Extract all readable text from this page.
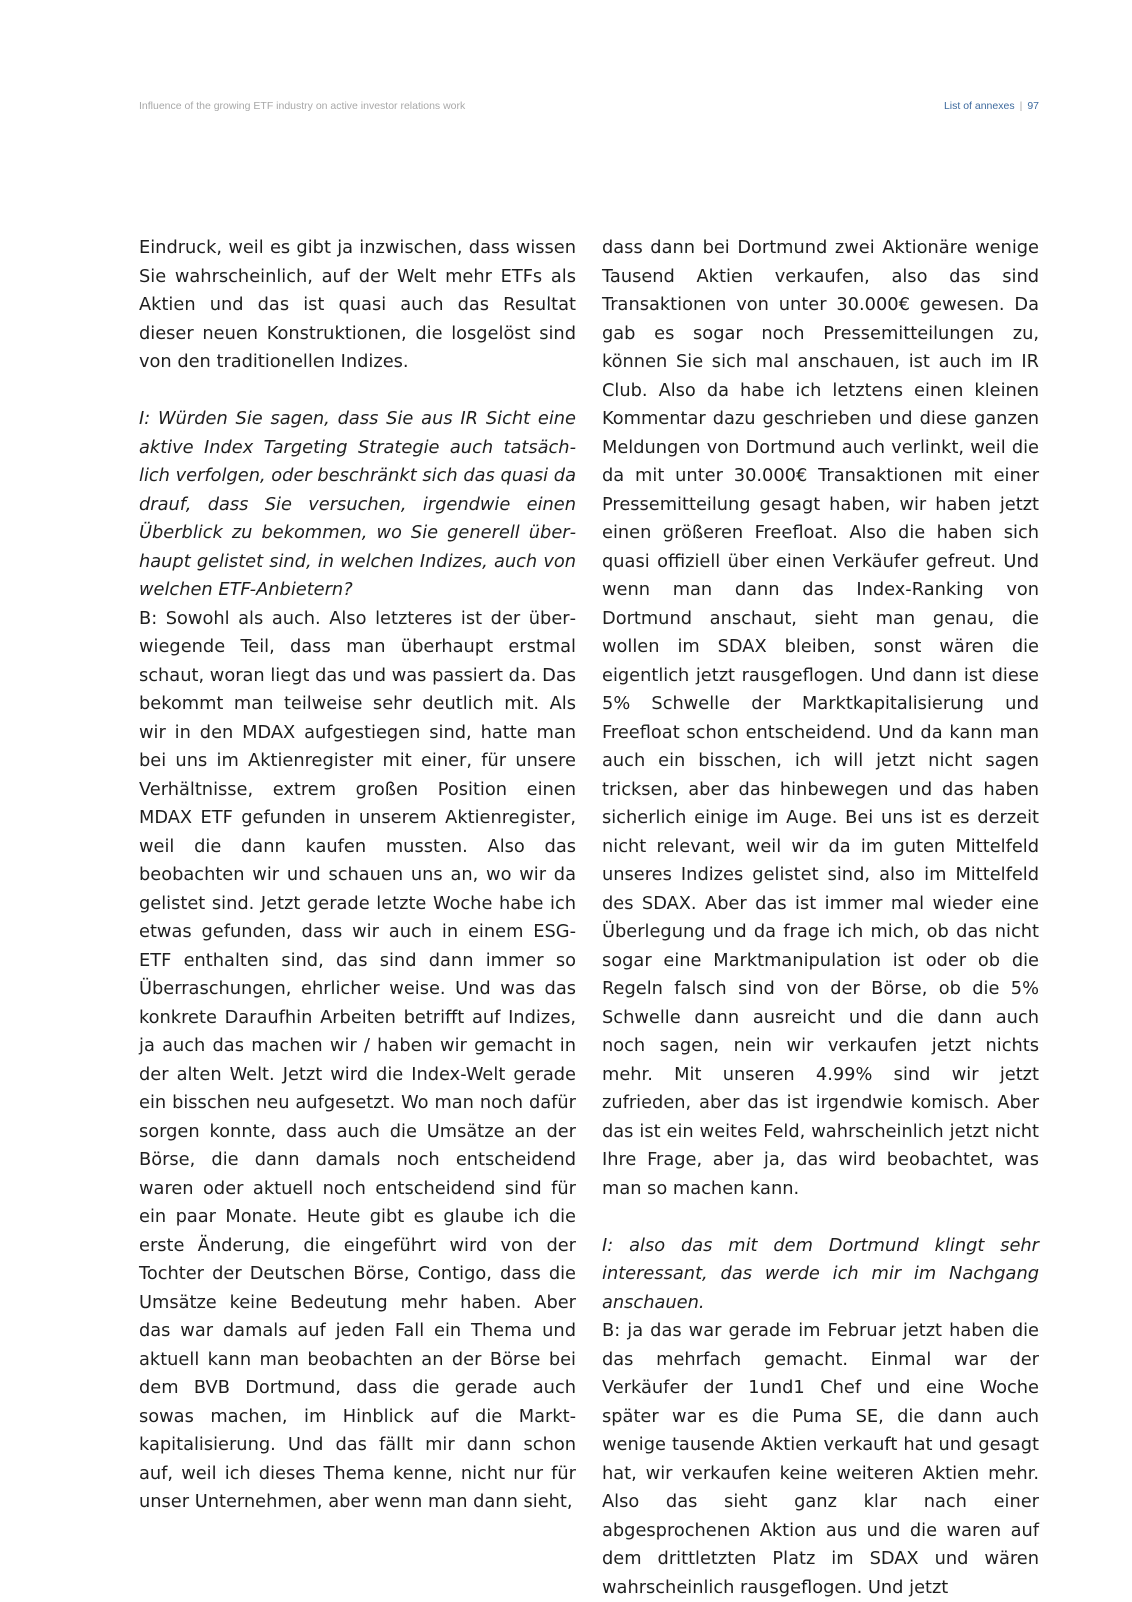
Influence of the growing ETF industry on active investor relations work	List of annexes | 97

Eindruck, weil es gibt ja inzwischen, dass wissen Sie wahrscheinlich, auf der Welt mehr ETFs als Aktien und das ist quasi auch das Resultat dieser neuen Konstruktionen, die losgelöst sind von den traditionellen Indizes.

I: Würden Sie sagen, dass Sie aus IR Sicht eine aktive Index Targeting Strategie auch tatsächlich verfolgen, oder beschränkt sich das quasi da drauf, dass Sie versuchen, irgendwie einen Überblick zu bekommen, wo Sie generell überhaupt gelistet sind, in welchen Indizes, auch von welchen ETF-Anbietern?

B: Sowohl als auch. Also letzteres ist der überwiegende Teil, dass man überhaupt erstmal schaut, woran liegt das und was passiert da. Das bekommt man teilweise sehr deutlich mit. Als wir in den MDAX aufgestiegen sind, hatte man bei uns im Aktienregister mit einer, für unsere Verhältnisse, extrem großen Position einen MDAX ETF gefunden in unserem Aktienregister, weil die dann kaufen mussten. Also das beobachten wir und schauen uns an, wo wir da gelistet sind. Jetzt gerade letzte Woche habe ich etwas gefunden, dass wir auch in einem ESG-ETF enthalten sind, das sind dann immer so Überraschungen, ehrlicher weise. Und was das konkrete Daraufhin Arbeiten betrifft auf Indizes, ja auch das machen wir / haben wir gemacht in der alten Welt. Jetzt wird die Index-Welt gerade ein bisschen neu aufgesetzt. Wo man noch dafür sorgen konnte, dass auch die Umsätze an der Börse, die dann damals noch entscheidend waren oder aktuell noch entscheidend sind für ein paar Monate. Heute gibt es glaube ich die erste Änderung, die eingeführt wird von der Tochter der Deutschen Börse, Contigo, dass die Umsätze keine Bedeutung mehr haben. Aber das war damals auf jeden Fall ein Thema und aktuell kann man beobachten an der Börse bei dem BVB Dortmund, dass die gerade auch sowas machen, im Hinblick auf die Marktkapitalisierung. Und das fällt mir dann schon auf, weil ich dieses Thema kenne, nicht nur für unser Unternehmen, aber wenn man dann sieht,

dass dann bei Dortmund zwei Aktionäre wenige Tausend Aktien verkaufen, also das sind Transaktionen von unter 30.000€ gewesen. Da gab es sogar noch Pressemitteilungen zu, können Sie sich mal anschauen, ist auch im IR Club. Also da habe ich letztens einen kleinen Kommentar dazu geschrieben und diese ganzen Meldungen von Dortmund auch verlinkt, weil die da mit unter 30.000€ Transaktionen mit einer Pressemitteilung gesagt haben, wir haben jetzt einen größeren Freefloat. Also die haben sich quasi offiziell über einen Verkäufer gefreut. Und wenn man dann das Index-Ranking von Dortmund anschaut, sieht man genau, die wollen im SDAX bleiben, sonst wären die eigentlich jetzt rausgeflogen. Und dann ist diese 5% Schwelle der Marktkapitalisierung und Freefloat schon entscheidend. Und da kann man auch ein bisschen, ich will jetzt nicht sagen tricksen, aber das hinbewegen und das haben sicherlich einige im Auge. Bei uns ist es derzeit nicht relevant, weil wir da im guten Mittelfeld unseres Indizes gelistet sind, also im Mittelfeld des SDAX. Aber das ist immer mal wieder eine Überlegung und da frage ich mich, ob das nicht sogar eine Marktmanipulation ist oder ob die Regeln falsch sind von der Börse, ob die 5% Schwelle dann ausreicht und die dann auch noch sagen, nein wir verkaufen jetzt nichts mehr. Mit unseren 4.99% sind wir jetzt zufrieden, aber das ist irgendwie komisch. Aber das ist ein weites Feld, wahrscheinlich jetzt nicht Ihre Frage, aber ja, das wird beobachtet, was man so machen kann.

I: also das mit dem Dortmund klingt sehr interessant, das werde ich mir im Nachgang anschauen.

B: ja das war gerade im Februar jetzt haben die das mehrfach gemacht. Einmal war der Verkäufer der 1und1 Chef und eine Woche später war es die Puma SE, die dann auch wenige tausende Aktien verkauft hat und gesagt hat, wir verkaufen keine weiteren Aktien mehr. Also das sieht ganz klar nach einer abgesprochenen Aktion aus und die waren auf dem drittletzten Platz im SDAX und wären wahrscheinlich rausgeflogen. Und jetzt
